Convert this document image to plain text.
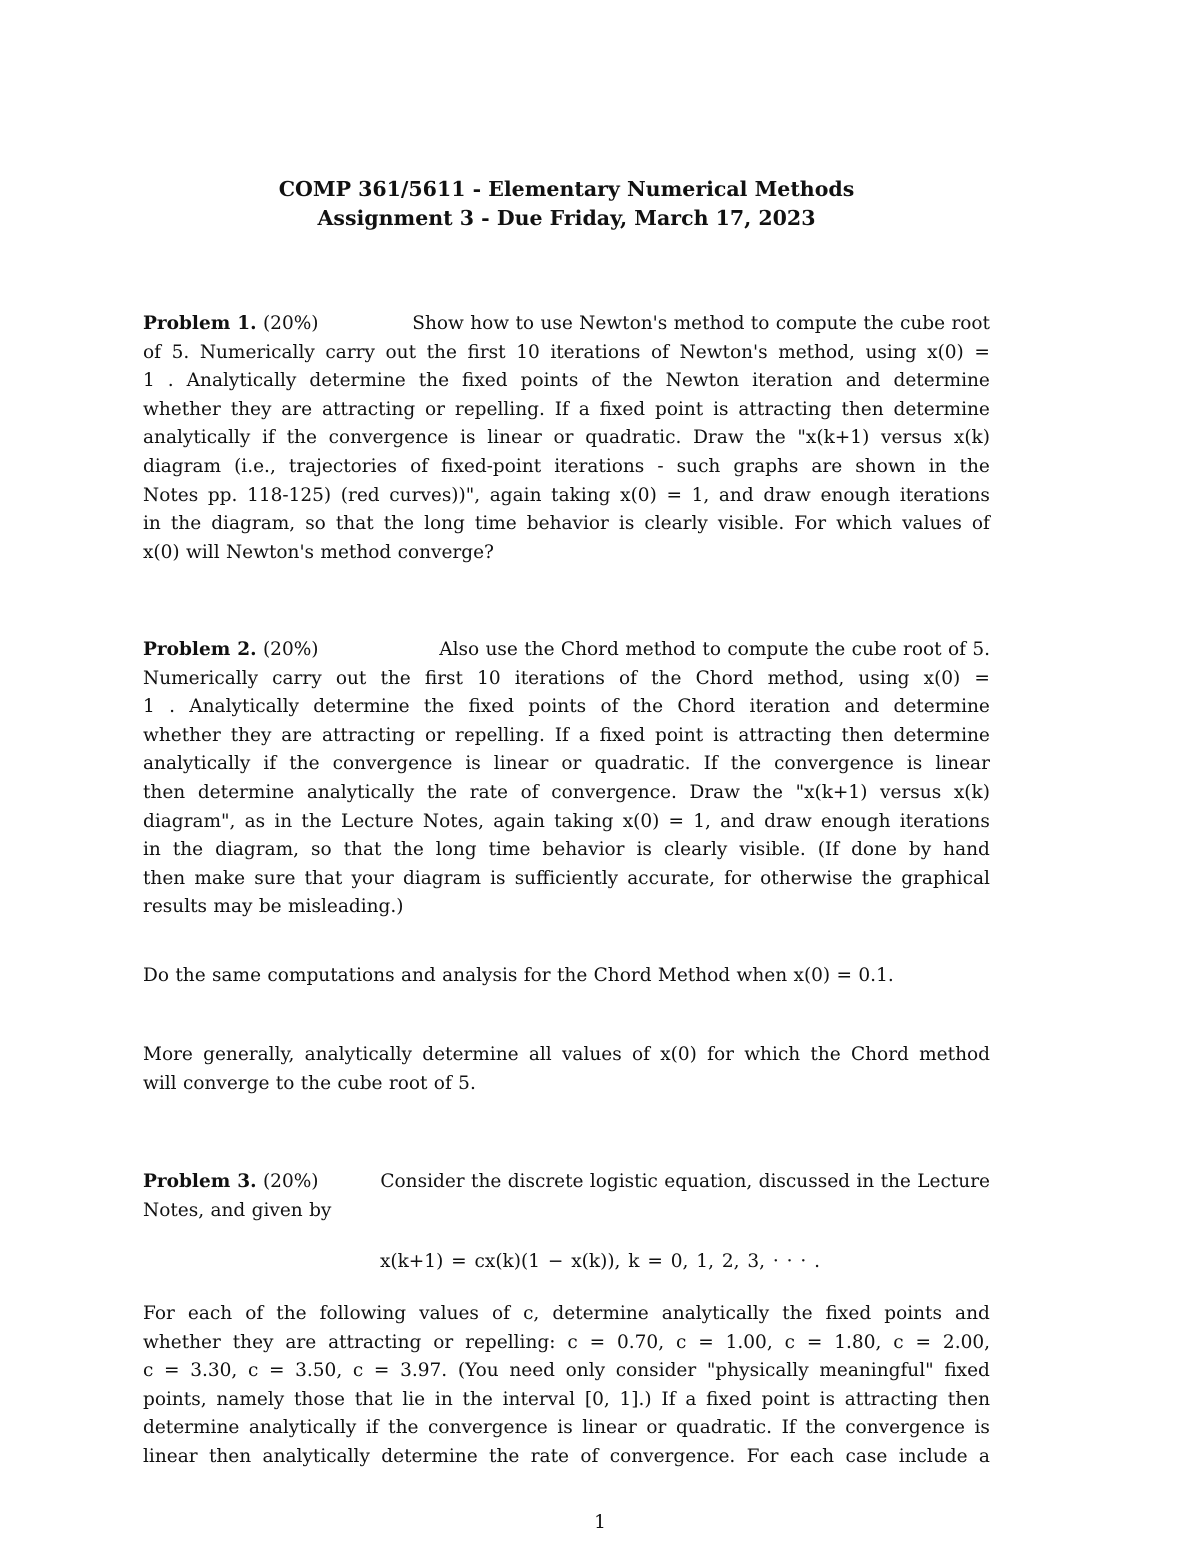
COMP 361/5611 - Elementary Numerical Methods
Assignment 3 - Due Friday, March 17, 2023
Problem 1. (20%)	Show how to use Newton's method to compute the cube root
of 5. Numerically carry out the first 10 iterations of Newton's method, using x(0) =
1 . Analytically determine the fixed points of the Newton iteration and determine
whether they are attracting or repelling. If a fixed point is attracting then determine
analytically if the convergence is linear or quadratic. Draw the "x(k+1) versus x(k)
diagram (i.e., trajectories of fixed-point iterations - such graphs are shown in the
Notes pp. 118-125) (red curves))", again taking x(0) = 1, and draw enough iterations
in the diagram, so that the long time behavior is clearly visible. For which values of
x(0) will Newton's method converge?
Problem 2. (20%)	Also use the Chord method to compute the cube root of 5.
Numerically carry out the first 10 iterations of the Chord method, using x(0) =
1 . Analytically determine the fixed points of the Chord iteration and determine
whether they are attracting or repelling. If a fixed point is attracting then determine
analytically if the convergence is linear or quadratic. If the convergence is linear
then determine analytically the rate of convergence. Draw the "x(k+1) versus x(k)
diagram", as in the Lecture Notes, again taking x(0) = 1, and draw enough iterations
in the diagram, so that the long time behavior is clearly visible. (If done by hand
then make sure that your diagram is sufficiently accurate, for otherwise the graphical
results may be misleading.)
Do the same computations and analysis for the Chord Method when x(0) = 0.1.
More generally, analytically determine all values of x(0) for which the Chord method
will converge to the cube root of 5.
Problem 3. (20%)	Consider the discrete logistic equation, discussed in the Lecture
Notes, and given by
x(k+1) = cx(k)(1 − x(k)), k = 0, 1, 2, 3, · · · .
For each of the following values of c, determine analytically the fixed points and
whether they are attracting or repelling: c = 0.70, c = 1.00, c = 1.80, c = 2.00,
c = 3.30, c = 3.50, c = 3.97. (You need only consider "physically meaningful" fixed
points, namely those that lie in the interval [0, 1].) If a fixed point is attracting then
determine analytically if the convergence is linear or quadratic. If the convergence is
linear then analytically determine the rate of convergence. For each case include a
1
